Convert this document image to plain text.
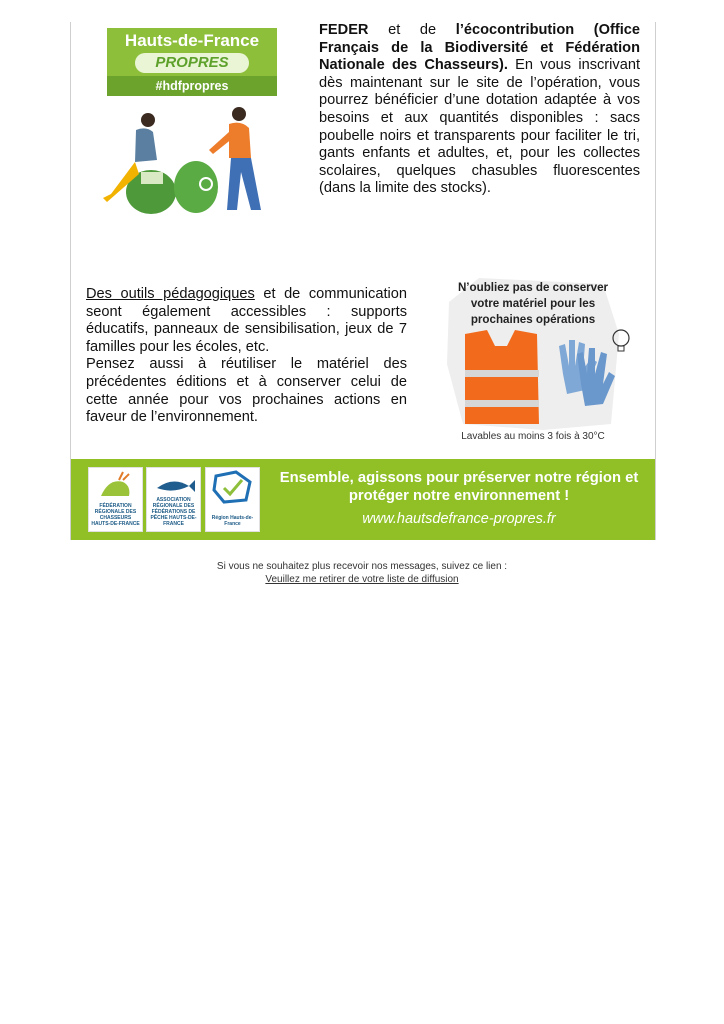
Hauts-de-France
PROPRES
#hdfpropres
FEDER et de l’écocontribution (Office Français de la Biodiversité et Fédération Nationale des Chasseurs). En vous inscrivant dès maintenant sur le site de l’opération, vous pourrez bénéficier d’une dotation adaptée à vos besoins et aux quantités disponibles : sacs poubelle noirs et transparents pour faciliter le tri, gants enfants et adultes, et, pour les collectes scolaires, quelques chasubles fluorescentes (dans la limite des stocks).
Des outils pédagogiques et de communication seont également accessibles : supports éducatifs, panneaux de sensibilisation, jeux de 7 familles pour les écoles, etc.
Pensez aussi à réutiliser le matériel des précédentes éditions et à conserver celui de cette année pour vos prochaines actions en faveur de l’environnement.
N’oubliez pas de conserver votre matériel pour les prochaines opérations
Lavables au moins 3 fois à 30°C
FÉDÉRATION RÉGIONALE DES CHASSEURS HAUTS-DE-FRANCE
ASSOCIATION RÉGIONALE DES FÉDÉRATIONS DE PÊCHE HAUTS-DE-FRANCE
Région Hauts-de-France
Ensemble, agissons pour préserver notre région et protéger notre environnement !
www.hautsdefrance-propres.fr
Si vous ne souhaitez plus recevoir nos messages, suivez ce lien :
Veuillez me retirer de votre liste de diffusion
